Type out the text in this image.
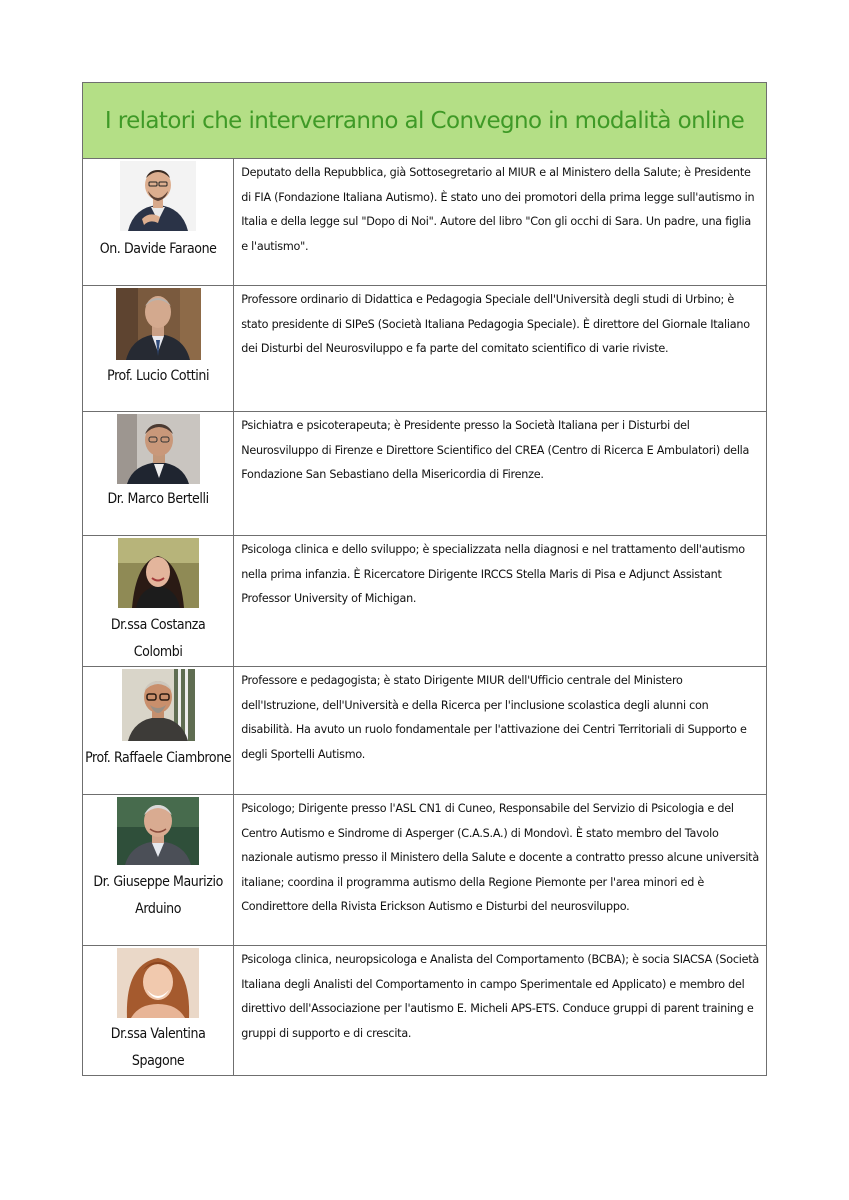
I relatori che interverranno al Convegno in modalità online	

On. Davide Faraone	Deputato della Repubblica, già Sottosegretario al MIUR e al Ministero della Salute; è Presidente di FIA (Fondazione Italiana Autismo). È stato uno dei promotori della prima legge sull'autismo in Italia e della legge sul "Dopo di Noi". Autore del libro "Con gli occhi di Sara. Un padre, una figlia e l'autismo".

Prof. Lucio Cottini	Professore ordinario di Didattica e Pedagogia Speciale dell'Università degli studi di Urbino; è stato presidente di SIPeS (Società Italiana Pedagogia Speciale). È direttore del Giornale Italiano dei Disturbi del Neurosviluppo e fa parte del comitato scientifico di varie riviste.

Dr. Marco Bertelli	Psichiatra e psicoterapeuta; è Presidente presso la Società Italiana per i Disturbi del Neurosviluppo di Firenze e Direttore Scientifico del CREA (Centro di Ricerca E Ambulatori) della Fondazione San Sebastiano della Misericordia di Firenze.

Dr.ssa Costanza Colombi	Psicologa clinica e dello sviluppo; è specializzata nella diagnosi e nel trattamento dell'autismo nella prima infanzia. È Ricercatore Dirigente IRCCS Stella Maris di Pisa e Adjunct Assistant Professor University of Michigan.

Prof. Raffaele Ciambrone	Professore e pedagogista; è stato Dirigente MIUR dell'Ufficio centrale del Ministero dell'Istruzione, dell'Università e della Ricerca per l'inclusione scolastica degli alunni con disabilità. Ha avuto un ruolo fondamentale per l'attivazione dei Centri Territoriali di Supporto e degli Sportelli Autismo.

Dr. Giuseppe Maurizio Arduino	Psicologo; Dirigente presso l'ASL CN1 di Cuneo, Responsabile del Servizio di Psicologia e del Centro Autismo e Sindrome di Asperger (C.A.S.A.) di Mondovì. È stato membro del Tavolo nazionale autismo presso il Ministero della Salute e docente a contratto presso alcune università italiane; coordina il programma autismo della Regione Piemonte per l'area minori ed è Condirettore della Rivista Erickson Autismo e Disturbi del neurosviluppo.

Dr.ssa Valentina Spagone	Psicologa clinica, neuropsicologa e Analista del Comportamento (BCBA); è socia SIACSA (Società Italiana degli Analisti del Comportamento in campo Sperimentale ed Applicato) e membro del direttivo dell'Associazione per l'autismo E. Micheli APS-ETS. Conduce gruppi di parent training e gruppi di supporto e di crescita.
